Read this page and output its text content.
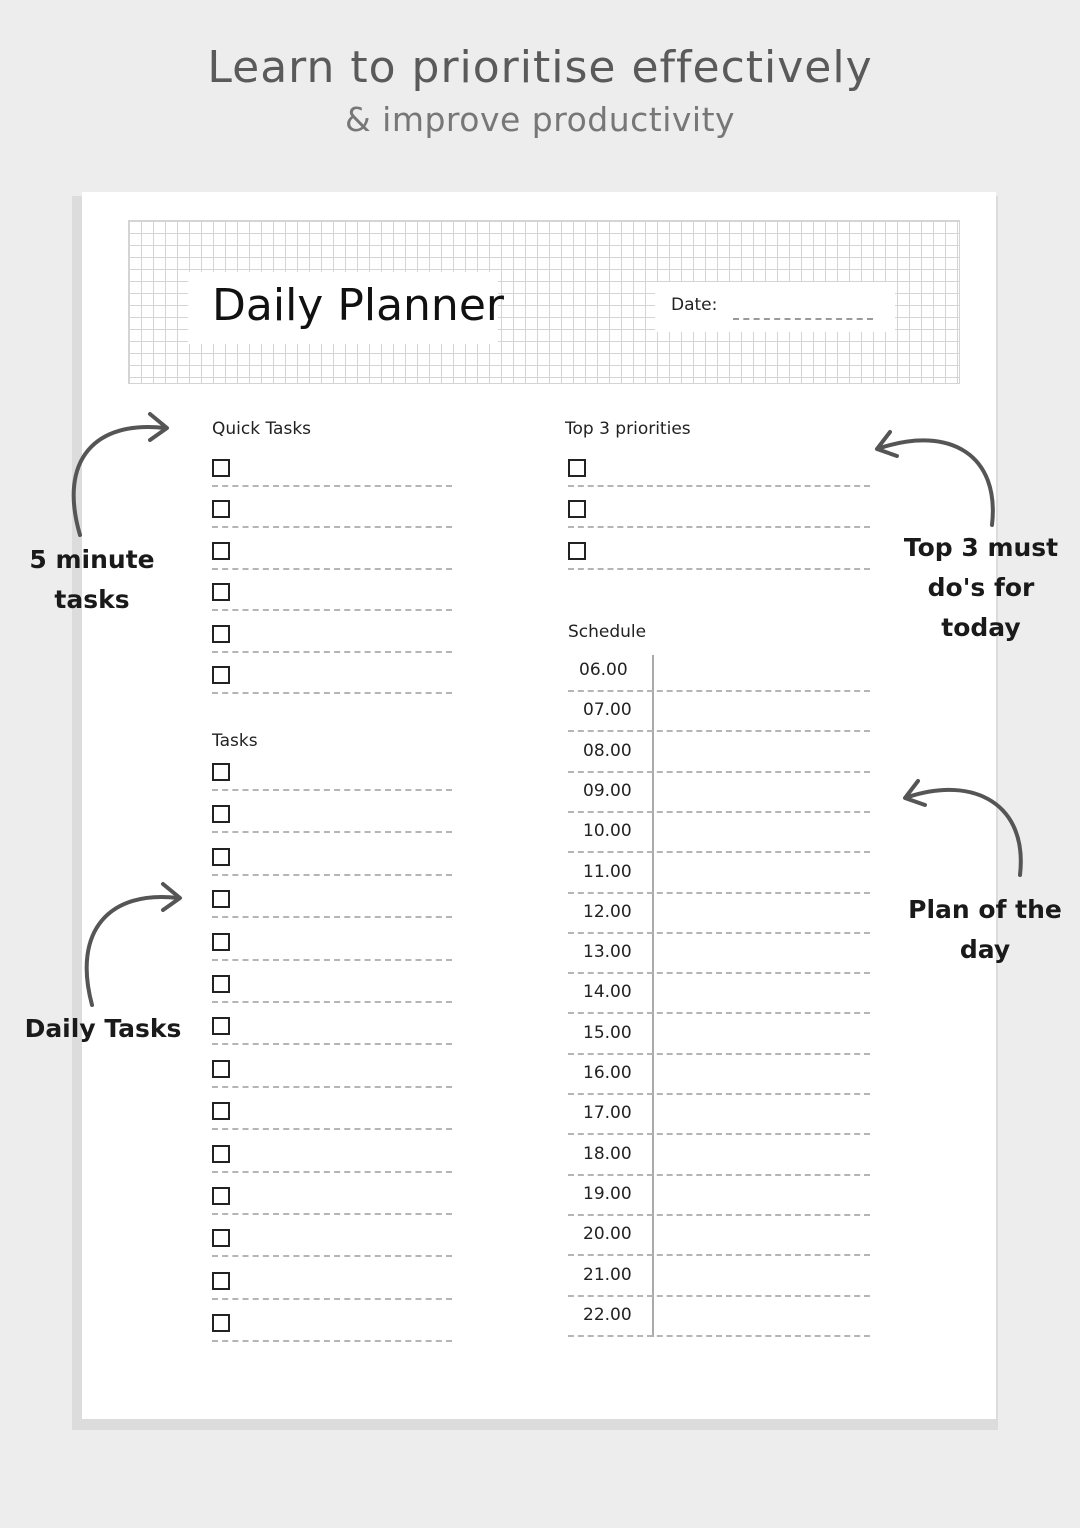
Learn to prioritise effectively
& improve productivity
Daily Planner	Date:
Quick Tasks
Tasks
Top 3 priorities
Schedule
06.00
07.00
08.00
09.00
10.00
11.00
12.00
13.00
14.00
15.00
16.00
17.00
18.00
19.00
20.00
21.00
22.00
5 minute
tasks
Daily Tasks
Top 3 must
do's for
today
Plan of the
day
